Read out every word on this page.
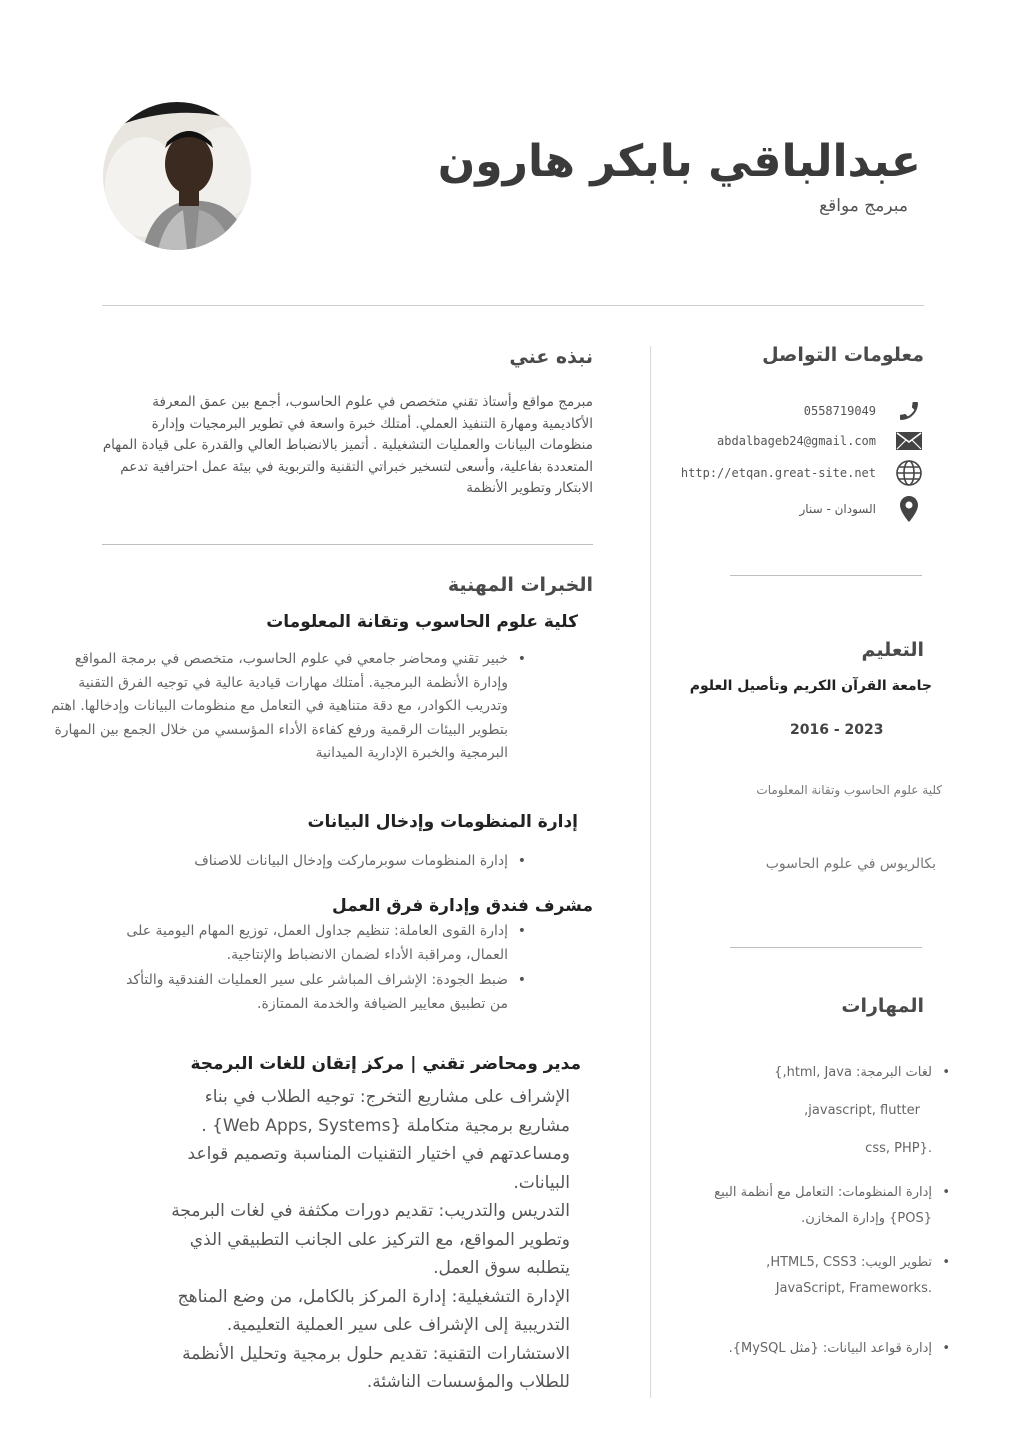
عبدالباقي بابكر هارون
مبرمج مواقع
معلومات التواصل
0558719049
abdalbageb24@gmail.com
http://etqan.great-site.net
السودان - سنار
التعليم
جامعة القرآن الكريم وتأصيل العلوم
2016 - 2023
كلية علوم الحاسوب وتقانة المعلومات
بكالريوس في علوم الحاسوب
المهارات
• لغات البرمجة: html, Java,}
javascript, flutter,
.{css, PHP
• إدارة المنظومات: التعامل مع أنظمة البيع
{POS} وإدارة المخازن.
• تطوير الويب: HTML5, CSS3,
.JavaScript, Frameworks
• إدارة قواعد البيانات: {مثل MySQL}.
نبذه عني
مبرمج مواقع وأستاذ تقني متخصص في علوم الحاسوب، أجمع بين عمق المعرفة الأكاديمية ومهارة التنفيذ العملي. أمتلك خبرة واسعة في تطوير البرمجيات وإدارة منظومات البيانات والعمليات التشغيلية . أتميز بالانضباط العالي والقدرة على قيادة المهام المتعددة بفاعلية، وأسعى لتسخير خبراتي التقنية والتربوية في بيئة عمل احترافية تدعم الابتكار وتطوير الأنظمة
الخبرات المهنية
كلية علوم الحاسوب وتقانة المعلومات
• خبير تقني ومحاضر جامعي في علوم الحاسوب، متخصص في برمجة المواقع وإدارة الأنظمة البرمجية. أمتلك مهارات قيادية عالية في توجيه الفرق التقنية وتدريب الكوادر، مع دقة متناهية في التعامل مع منظومات البيانات وإدخالها. اهتم بتطوير البيئات الرقمية ورفع كفاءة الأداء المؤسسي من خلال الجمع بين المهارة البرمجية والخبرة الإدارية الميدانية
إدارة المنظومات وإدخال البيانات
• إدارة المنظومات سوبرماركت وإدخال البيانات للاصناف
مشرف فندق وإدارة فرق العمل
• إدارة القوى العاملة: تنظيم جداول العمل، توزيع المهام اليومية على العمال، ومراقبة الأداء لضمان الانضباط والإنتاجية.
• ضبط الجودة: الإشراف المباشر على سير العمليات الفندقية والتأكد من تطبيق معايير الضيافة والخدمة الممتازة.
مدير ومحاضر تقني | مركز إتقان للغات البرمجة

الإشراف على مشاريع التخرج: توجيه الطلاب في بناء مشاريع برمجية متكاملة {Web Apps, Systems} . ومساعدتهم في اختيار التقنيات المناسبة وتصميم قواعد البيانات.

التدريس والتدريب: تقديم دورات مكثفة في لغات البرمجة وتطوير المواقع، مع التركيز على الجانب التطبيقي الذي يتطلبه سوق العمل.

الإدارة التشغيلية: إدارة المركز بالكامل، من وضع المناهج التدريبية إلى الإشراف على سير العملية التعليمية.

الاستشارات التقنية: تقديم حلول برمجية وتحليل الأنظمة للطلاب والمؤسسات الناشئة.
